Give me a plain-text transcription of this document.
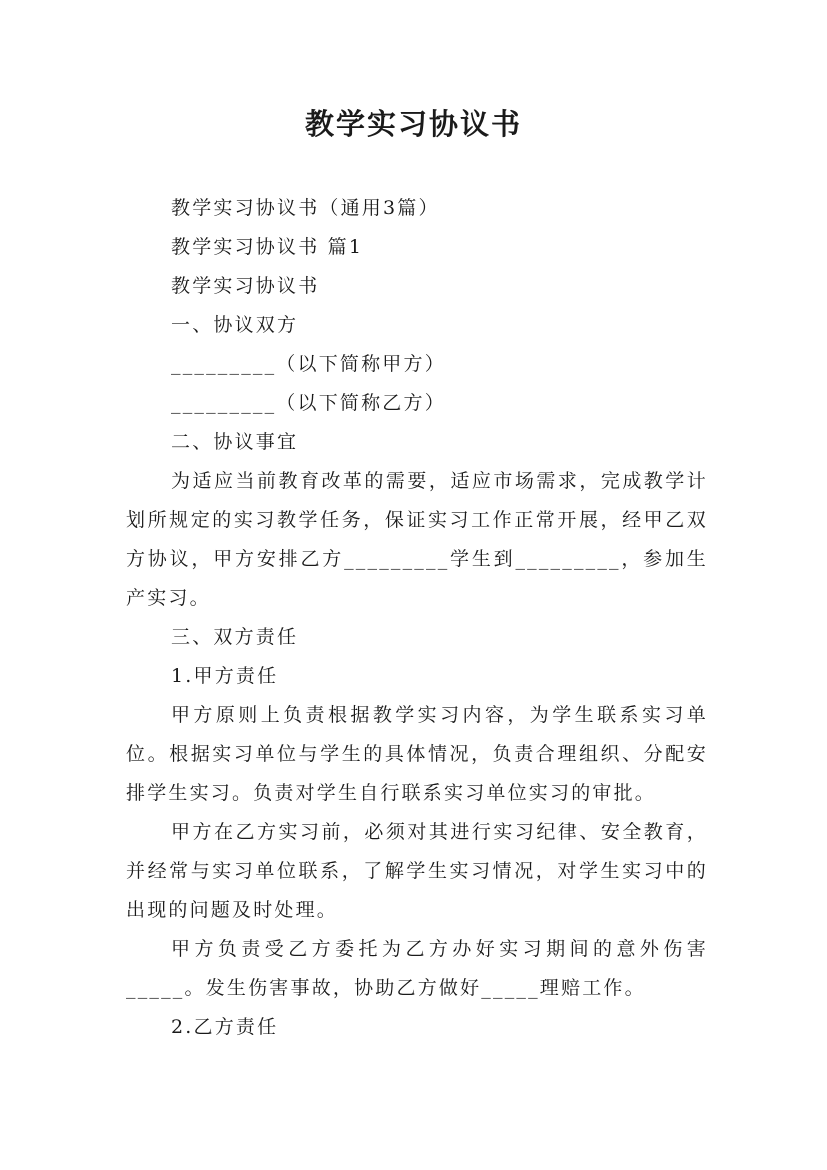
教学实习协议书

教学实习协议书（通用3篇）

教学实习协议书 篇1

教学实习协议书

一、协议双方

_________（以下简称甲方）

_________（以下简称乙方）

二、协议事宜

为适应当前教育改革的需要，适应市场需求，完成教学计划所规定的实习教学任务，保证实习工作正常开展，经甲乙双方协议，甲方安排乙方_________学生到_________，参加生产实习。

三、双方责任

1.甲方责任

甲方原则上负责根据教学实习内容，为学生联系实习单位。根据实习单位与学生的具体情况，负责合理组织、分配安排学生实习。负责对学生自行联系实习单位实习的审批。

甲方在乙方实习前，必须对其进行实习纪律、安全教育，并经常与实习单位联系，了解学生实习情况，对学生实习中的出现的问题及时处理。

甲方负责受乙方委托为乙方办好实习期间的意外伤害_____。发生伤害事故，协助乙方做好_____理赔工作。

2.乙方责任
